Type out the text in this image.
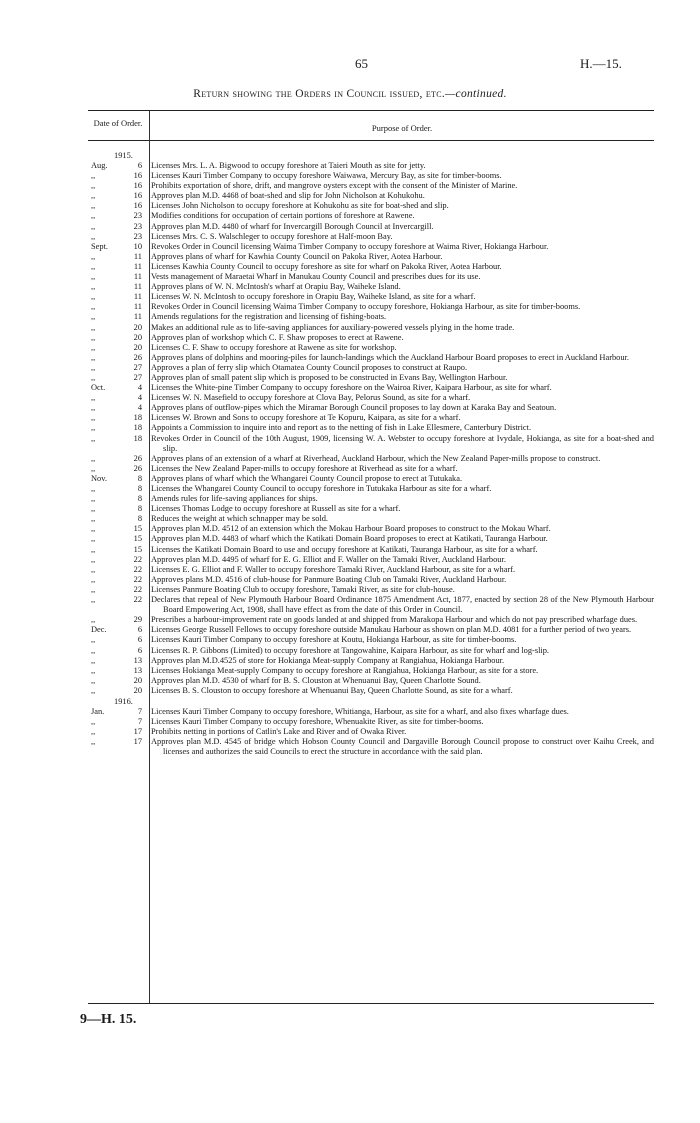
65	H.—15.
Return showing the Orders in Council issued, etc.—continued.
Date of Order.	Purpose of Order.
1915.
Aug.	6	Licenses Mrs. L. A. Bigwood to occupy foreshore at Taieri Mouth as site for jetty.
,,	16	Licenses Kauri Timber Company to occupy foreshore Waiwawa, Mercury Bay, as site for timber-booms.
,,	16	Prohibits exportation of shore, drift, and mangrove oysters except with the consent of the Minister of Marine.
,,	16	Approves plan M.D. 4468 of boat-shed and slip for John Nicholson at Kohukohu.
,,	16	Licenses John Nicholson to occupy foreshore at Kohukohu as site for boat-shed and slip.
,,	23	Modifies conditions for occupation of certain portions of foreshore at Rawene.
,,	23	Approves plan M.D. 4480 of wharf for Invercargill Borough Council at Invercargill.
,,	23	Licenses Mrs. C. S. Walschleger to occupy foreshore at Half-moon Bay.
Sept.	10	Revokes Order in Council licensing Waima Timber Company to occupy foreshore at Waima River, Hokianga Harbour.
,,	11	Approves plans of wharf for Kawhia County Council on Pakoka River, Aotea Harbour.
,,	11	Licenses Kawhia County Council to occupy foreshore as site for wharf on Pakoka River, Aotea Harbour.
,,	11	Vests management of Maraetai Wharf in Manukau County Council and prescribes dues for its use.
,,	11	Approves plans of W. N. McIntosh's wharf at Orapiu Bay, Waiheke Island.
,,	11	Licenses W. N. McIntosh to occupy foreshore in Orapiu Bay, Waiheke Island, as site for a wharf.
,,	11	Revokes Order in Council licensing Waima Timber Company to occupy foreshore, Hokianga Harbour, as site for timber-booms.
,,	11	Amends regulations for the registration and licensing of fishing-boats.
,,	20	Makes an additional rule as to life-saving appliances for auxiliary-powered vessels plying in the home trade.
,,	20	Approves plan of workshop which C. F. Shaw proposes to erect at Rawene.
,,	20	Licenses C. F. Shaw to occupy foreshore at Rawene as site for workshop.
,,	26	Approves plans of dolphins and mooring-piles for launch-landings which the Auckland Harbour Board proposes to erect in Auckland Harbour.
,,	27	Approves a plan of ferry slip which Otamatea County Council proposes to construct at Raupo.
,,	27	Approves plan of small patent slip which is proposed to be constructed in Evans Bay, Wellington Harbour.
Oct.	4	Licenses the White-pine Timber Company to occupy foreshore on the Wairoa River, Kaipara Harbour, as site for wharf.
,,	4	Licenses W. N. Masefield to occupy foreshore at Clova Bay, Pelorus Sound, as site for a wharf.
,,	4	Approves plans of outflow-pipes which the Miramar Borough Council proposes to lay down at Karaka Bay and Seatoun.
,,	18	Licenses W. Brown and Sons to occupy foreshore at Te Kopuru, Kaipara, as site for a wharf.
,,	18	Appoints a Commission to inquire into and report as to the netting of fish in Lake Ellesmere, Canterbury District.
,,	18	Revokes Order in Council of the 10th August, 1909, licensing W. A. Webster to occupy foreshore at Ivydale, Hokianga, as site for a boat-shed and slip.
,,	26	Approves plans of an extension of a wharf at Riverhead, Auckland Harbour, which the New Zealand Paper-mills propose to construct.
,,	26	Licenses the New Zealand Paper-mills to occupy foreshore at Riverhead as site for a wharf.
Nov.	8	Approves plans of wharf which the Whangarei County Council propose to erect at Tutukaka.
,,	8	Licenses the Whangarei County Council to occupy foreshore in Tutukaka Harbour as site for a wharf.
,,	8	Amends rules for life-saving appliances for ships.
,,	8	Licenses Thomas Lodge to occupy foreshore at Russell as site for a wharf.
,,	8	Reduces the weight at which schnapper may be sold.
,,	15	Approves plan M.D. 4512 of an extension which the Mokau Harbour Board proposes to construct to the Mokau Wharf.
,,	15	Approves plan M.D. 4483 of wharf which the Katikati Domain Board proposes to erect at Katikati, Tauranga Harbour.
,,	15	Licenses the Katikati Domain Board to use and occupy foreshore at Katikati, Tauranga Harbour, as site for a wharf.
,,	22	Approves plan M.D. 4495 of wharf for E. G. Elliot and F. Waller on the Tamaki River, Auckland Harbour.
,,	22	Licenses E. G. Elliot and F. Waller to occupy foreshore Tamaki River, Auckland Harbour, as site for a wharf.
,,	22	Approves plans M.D. 4516 of club-house for Panmure Boating Club on Tamaki River, Auckland Harbour.
,,	22	Licenses Panmure Boating Club to occupy foreshore, Tamaki River, as site for club-house.
,,	22	Declares that repeal of New Plymouth Harbour Board Ordinance 1875 Amendment Act, 1877, enacted by section 28 of the New Plymouth Harbour Board Empowering Act, 1908, shall have effect as from the date of this Order in Council.
,,	29	Prescribes a harbour-improvement rate on goods landed at and shipped from Marakopa Harbour and which do not pay prescribed wharfage dues.
Dec.	6	Licenses George Russell Fellows to occupy foreshore outside Manukau Harbour as shown on plan M.D. 4081 for a further period of two years.
,,	6	Licenses Kauri Timber Company to occupy foreshore at Koutu, Hokianga Harbour, as site for timber-booms.
,,	6	Licenses R. P. Gibbons (Limited) to occupy foreshore at Tangowahine, Kaipara Harbour, as site for wharf and log-slip.
,,	13	Approves plan M.D.4525 of store for Hokianga Meat-supply Company at Rangiahua, Hokianga Harbour.
,,	13	Licenses Hokianga Meat-supply Company to occupy foreshore at Rangiahua, Hokianga Harbour, as site for a store.
,,	20	Approves plan M.D. 4530 of wharf for B. S. Clouston at Whenuanui Bay, Queen Charlotte Sound.
,,	20	Licenses B. S. Clouston to occupy foreshore at Whenuanui Bay, Queen Charlotte Sound, as site for a wharf.
1916.
Jan.	7	Licenses Kauri Timber Company to occupy foreshore, Whitianga, Harbour, as site for a wharf, and also fixes wharfage dues.
,,	7	Licenses Kauri Timber Company to occupy foreshore, Whenuakite River, as site for timber-booms.
,,	17	Prohibits netting in portions of Catlin's Lake and River and of Owaka River.
,,	17	Approves plan M.D. 4545 of bridge which Hobson County Council and Dargaville Borough Council propose to construct over Kaihu Creek, and licenses and authorizes the said Councils to erect the structure in accordance with the said plan.
9—H. 15.
